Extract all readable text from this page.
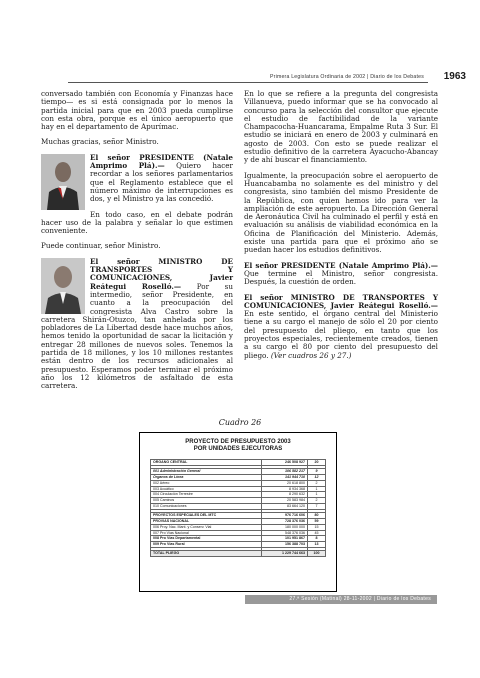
Primera Legislatura Ordinaria de 2002 | Diario de los Debates 1963

conversado también con Economía y Finanzas hace tiempo— es si está consignada por lo menos la partida inicial para que en 2003 pueda cumplirse con esta obra, porque es el único aeropuerto que hay en el departamento de Apurímac.

Muchas gracias, señor Ministro.

El señor PRESIDENTE (Natale Amprimo Plá).— Quiero hacer recordar a los señores parlamentarios que el Reglamento establece que el número máximo de interrupciones es dos, y el Ministro ya las concedió.

En todo caso, en el debate podrán hacer uso de la palabra y señalar lo que estimen conveniente.

Puede continuar, señor Ministro.

El señor MINISTRO DE TRANSPORTES Y COMUNICACIONES, Javier Reátegui Roselló.— Por su intermedio, señor Presidente, en cuanto a la preocupación del congresista Alva Castro sobre la carretera Shirán-Otuzco, tan anhelada por los pobladores de La Libertad desde hace muchos años, hemos tenido la oportunidad de sacar la licitación y entregar 28 millones de nuevos soles. Tenemos la partida de 18 millones, y los 10 millones restantes están dentro de los recursos adicionales al presupuesto. Esperamos poder terminar el próximo año los 12 kilómetros de asfaltado de esta carretera.

En lo que se refiere a la pregunta del congresista Villanueva, puedo informar que se ha convocado al concurso para la selección del consultor que ejecute el estudio de factibilidad de la variante Champacocha-Huancarama, Empalme Ruta 3 Sur. El estudio se iniciará en enero de 2003 y culminará en agosto de 2003. Con esto se puede realizar el estudio definitivo de la carretera Ayacucho-Abancay y de ahí buscar el financiamiento.

Igualmente, la preocupación sobre el aeropuerto de Huancabamba no solamente es del ministro y del congresista, sino también del mismo Presidente de la República, con quien hemos ido para ver la ampliación de este aeropuerto. La Dirección General de Aeronáutica Civil ha culminado el perfil y está en evaluación su análisis de viabilidad económica en la Oficina de Planificación del Ministerio. Además, existe una partida para que el próximo año se puedan hacer los estudios definitivos.

El señor PRESIDENTE (Natale Amprimo Plá).— Que termine el Ministro, señor congresista. Después, la cuestión de orden.

El señor MINISTRO DE TRANSPORTES Y COMUNICACIONES, Javier Reátegui Roselló.— En este sentido, el órgano central del Ministerio tiene a su cargo el manejo de sólo el 20 por ciento del presupuesto del pliego, en tanto que los proyectos especiales, recientemente creados, tienen a su cargo el 80 por ciento del presupuesto del pliego. (Ver cuadros 26 y 27.)

Cuadro 26
PROYECTO DE PRESUPUESTO 2003
POR UNIDADES EJECUTORAS
ORGANO CENTRAL	246 508 927	20

001 Administración General	106 582 217	9
Órganos de Línea	141 944 710	12
002 Aéreo	20 618 800	2
003 Acuático	8 934 368	1
004 Circulación Terrestre	8 290 632	1
005 Caminos	20 583 984	2
010 Comunicaciones	83 664 120	7

PROYECTOS ESPECIALES DEL MTC	976 716 606	80
PROVIAS NACIONAL	728 376 036	59
006 Proy. Nac. Mant. y Conserv. Vial	180 000 000	15
007 Pro Vías Nacional	548 376 036	45
008 Pro Vías Departamental	101 951 867	8
009 Pro Vías Rural	156 388 703	13

TOTAL PLIEGO	1 229 744 663	100
27.ª Sesión (Matinal) 28-11-2002 | Diario de los Debates
